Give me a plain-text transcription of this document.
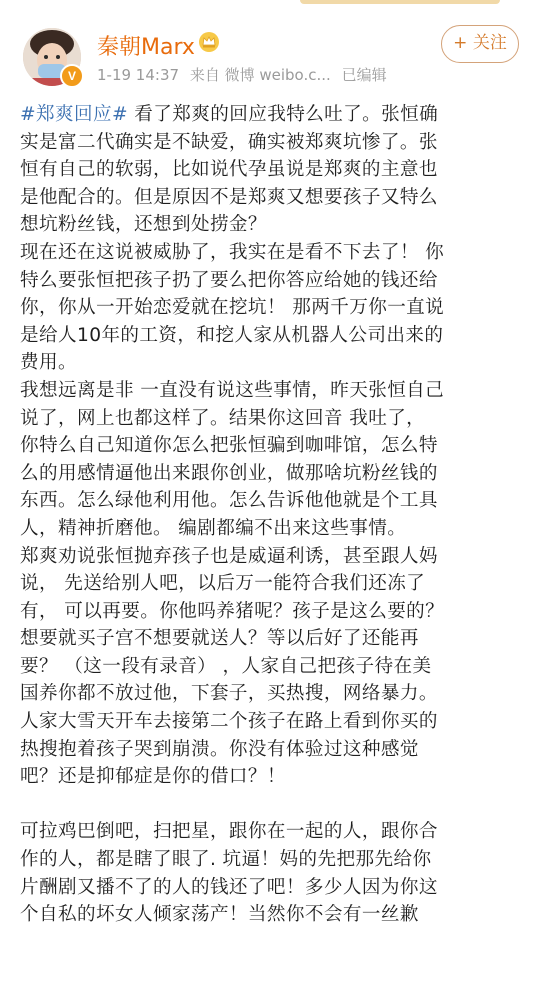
V
秦朝Marx
1-19 14:37 来自 微博 weibo.c... 已编辑
+ 关注
#郑爽回应# 看了郑爽的回应我特么吐了。张恒确
实是富二代确实是不缺爱，确实被郑爽坑惨了。张
恒有自己的软弱，比如说代孕虽说是郑爽的主意也
是他配合的。但是原因不是郑爽又想要孩子又特么
想坑粉丝钱，还想到处捞金？
现在还在这说被威胁了，我实在是看不下去了！ 你
特么要张恒把孩子扔了要么把你答应给她的钱还给
你，你从一开始恋爱就在挖坑！ 那两千万你一直说
是给人10年的工资，和挖人家从机器人公司出来的
费用。
我想远离是非 一直没有说这些事情，昨天张恒自己
说了，网上也都这样了。结果你这回音 我吐了，
你特么自己知道你怎么把张恒骗到咖啡馆，怎么特
么的用感情逼他出来跟你创业，做那啥坑粉丝钱的
东西。怎么绿他利用他。怎么告诉他他就是个工具
人，精神折磨他。 编剧都编不出来这些事情。
郑爽劝说张恒抛弃孩子也是威逼利诱，甚至跟人妈
说， 先送给别人吧，以后万一能符合我们还冻了
有， 可以再要。你他吗养猪呢？孩子是这么要的？
想要就买子宫不想要就送人？等以后好了还能再
要？ （这一段有录音） ，人家自己把孩子待在美
国养你都不放过他，下套子，买热搜，网络暴力。
人家大雪天开车去接第二个孩子在路上看到你买的
热搜抱着孩子哭到崩溃。你没有体验过这种感觉
吧？还是抑郁症是你的借口？！
可拉鸡巴倒吧，扫把星，跟你在一起的人，跟你合
作的人，都是瞎了眼了. 坑逼！妈的先把那先给你
片酬剧又播不了的人的钱还了吧！多少人因为你这
个自私的坏女人倾家荡产！当然你不会有一丝歉
